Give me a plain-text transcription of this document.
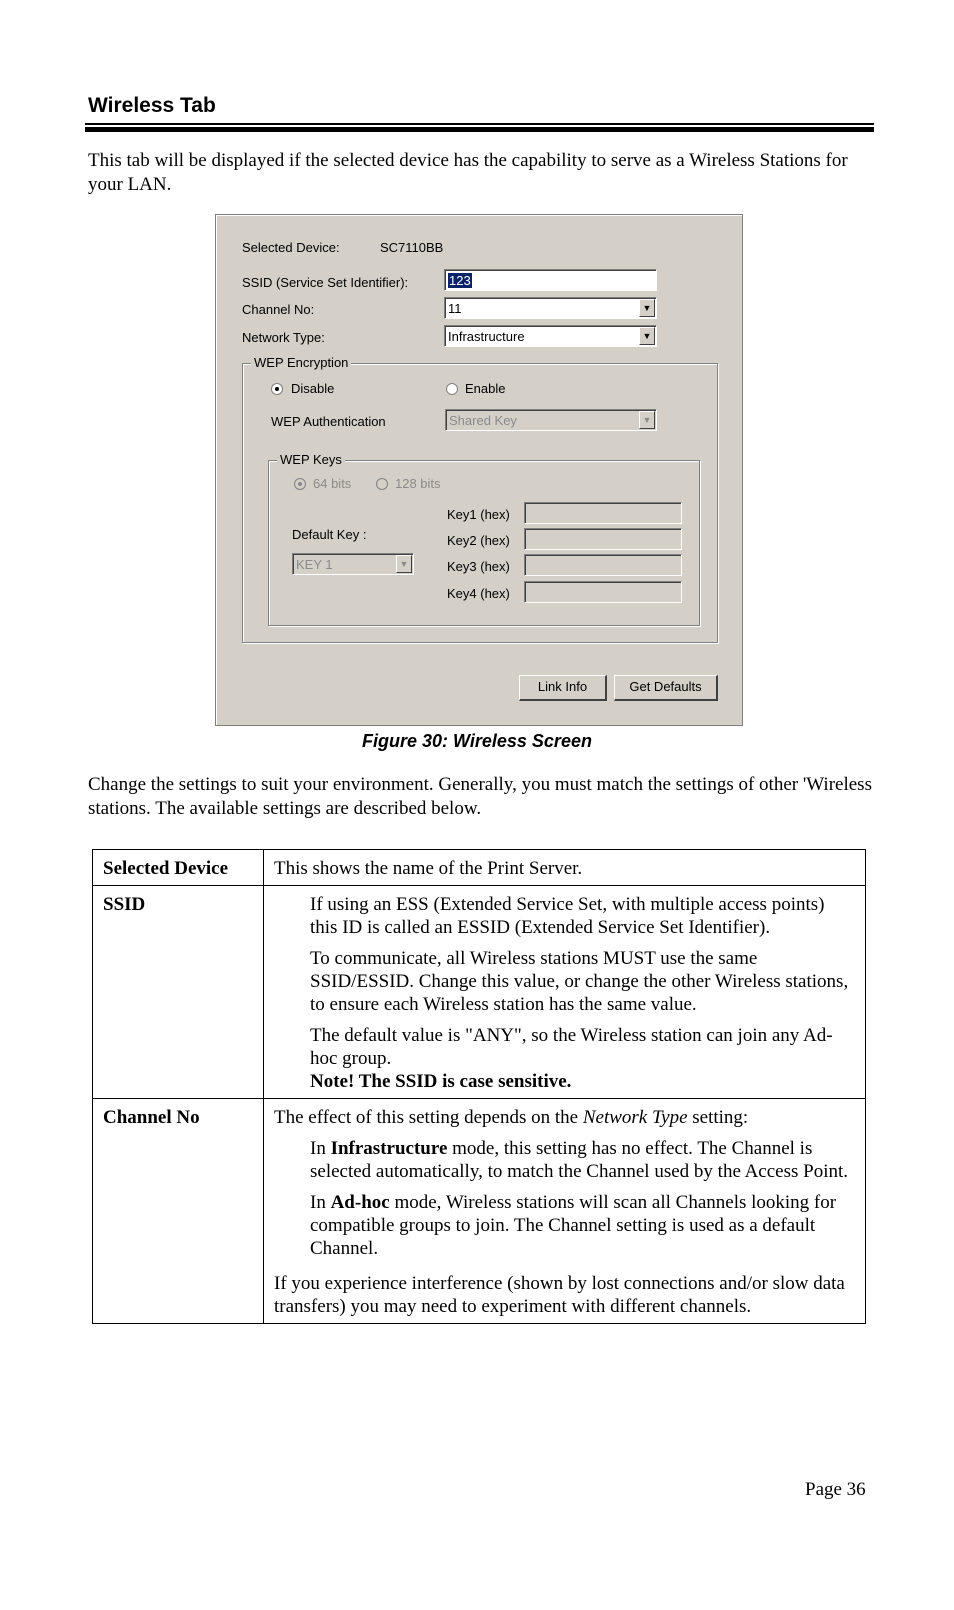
Wireless Tab
This tab will be displayed if the selected device has the capability to serve as a Wireless Stations for your LAN.
Selected Device:	SC7110BB
SSID (Service Set Identifier):	123
Channel No:	11	▼
Network Type:	Infrastructure	▼
WEP Encryption
Disable	Enable
WEP Authentication	Shared Key	▼
WEP Keys
64 bits	128 bits
Default Key :
KEY 1	▼
Key1 (hex)
Key2 (hex)
Key3 (hex)
Key4 (hex)
Link Info	Get Defaults
Figure 30: Wireless Screen
Change the settings to suit your environment. Generally, you must match the settings of other 'Wireless stations. The available settings are described below.
Selected Device	This shows the name of the Print Server.
SSID	If using an ESS (Extended Service Set, with multiple access points) this ID is called an ESSID (Extended Service Set Identifier).

To communicate, all Wireless stations MUST use the same SSID/ESSID. Change this value, or change the other Wireless stations, to ensure each Wireless station has the same value.

The default value is "ANY", so the Wireless station can join any Ad-hoc group.

Note! The SSID is case sensitive.

Channel No	The effect of this setting depends on the Network Type setting:

In Infrastructure mode, this setting has no effect. The Channel is selected automatically, to match the Channel used by the Access Point.

In Ad-hoc mode, Wireless stations will scan all Channels looking for compatible groups to join. The Channel setting is used as a default Channel.

If you experience interference (shown by lost connections and/or slow data transfers) you may need to experiment with different channels.

Page 36
